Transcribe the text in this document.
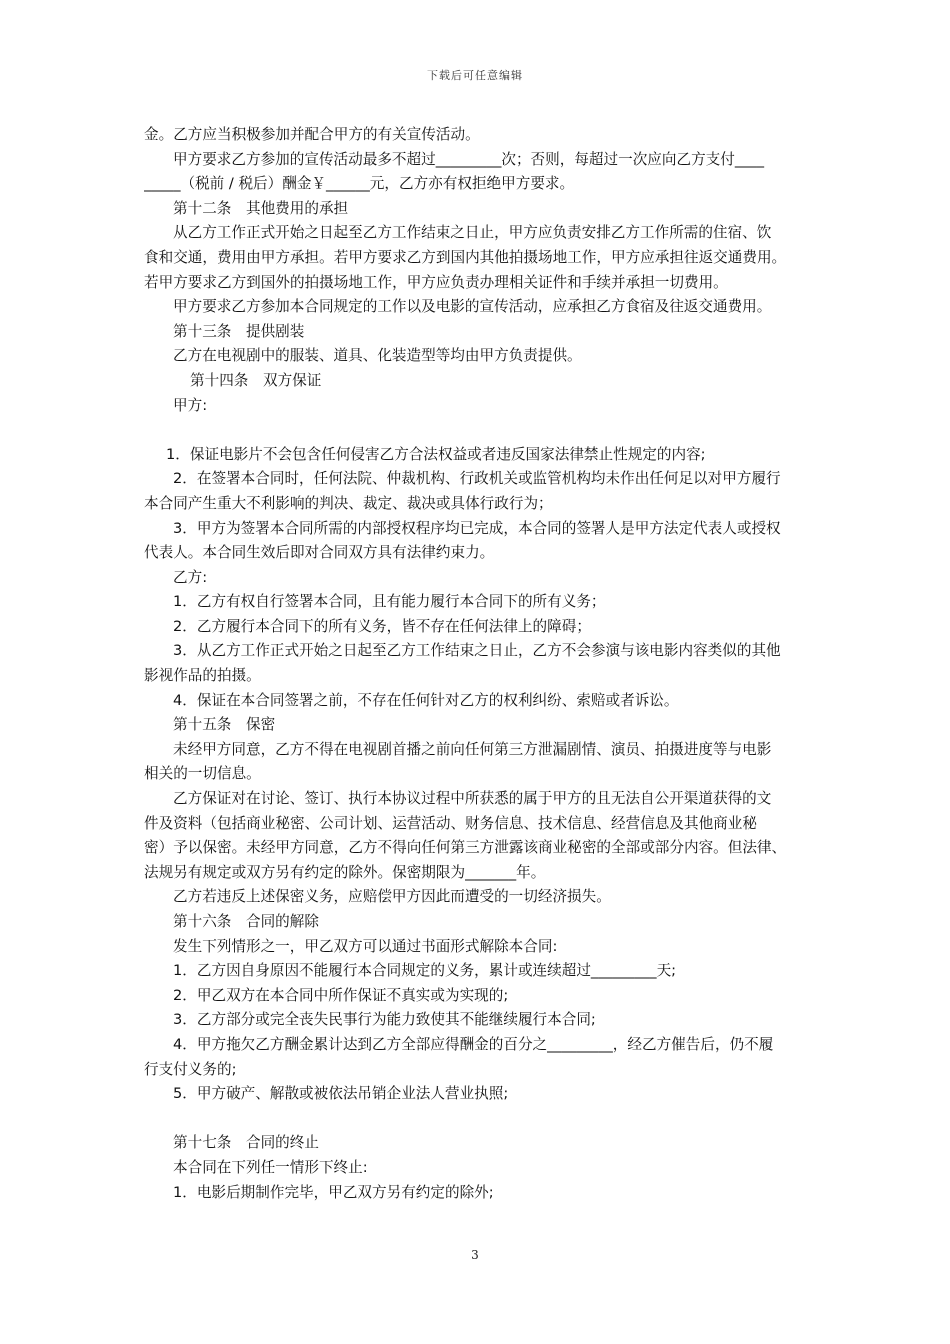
下载后可任意编辑
金。乙方应当积极参加并配合甲方的有关宣传活动。
甲方要求乙方参加的宣传活动最多不超过_________次；否则，每超过一次应向乙方支付____
_____（税前 / 税后）酬金￥______元，乙方亦有权拒绝甲方要求。
第十二条　其他费用的承担
从乙方工作正式开始之日起至乙方工作结束之日止，甲方应负责安排乙方工作所需的住宿、饮
食和交通，费用由甲方承担。若甲方要求乙方到国内其他拍摄场地工作，甲方应承担往返交通费用。
若甲方要求乙方到国外的拍摄场地工作，甲方应负责办理相关证件和手续并承担一切费用。
甲方要求乙方参加本合同规定的工作以及电影的宣传活动，应承担乙方食宿及往返交通费用。
第十三条　提供剧装
乙方在电视剧中的服装、道具、化装造型等均由甲方负责提供。
第十四条　双方保证
甲方:
1．保证电影片不会包含任何侵害乙方合法权益或者违反国家法律禁止性规定的内容;
2．在签署本合同时，任何法院、仲裁机构、行政机关或监管机构均未作出任何足以对甲方履行
本合同产生重大不利影响的判决、裁定、裁决或具体行政行为；
3．甲方为签署本合同所需的内部授权程序均已完成，本合同的签署人是甲方法定代表人或授权
代表人。本合同生效后即对合同双方具有法律约束力。
乙方:
1．乙方有权自行签署本合同，且有能力履行本合同下的所有义务；
2．乙方履行本合同下的所有义务，皆不存在任何法律上的障碍；
3．从乙方工作正式开始之日起至乙方工作结束之日止，乙方不会参演与该电影内容类似的其他
影视作品的拍摄。
4．保证在本合同签署之前，不存在任何针对乙方的权利纠纷、索赔或者诉讼。
第十五条　保密
未经甲方同意，乙方不得在电视剧首播之前向任何第三方泄漏剧情、演员、拍摄进度等与电影
相关的一切信息。
乙方保证对在讨论、签订、执行本协议过程中所获悉的属于甲方的且无法自公开渠道获得的文
件及资料（包括商业秘密、公司计划、运营活动、财务信息、技术信息、经营信息及其他商业秘
密）予以保密。未经甲方同意，乙方不得向任何第三方泄露该商业秘密的全部或部分内容。但法律、
法规另有规定或双方另有约定的除外。保密期限为_______年。
乙方若违反上述保密义务，应赔偿甲方因此而遭受的一切经济损失。
第十六条　合同的解除
发生下列情形之一，甲乙双方可以通过书面形式解除本合同:
1．乙方因自身原因不能履行本合同规定的义务，累计或连续超过_________天;
2．甲乙双方在本合同中所作保证不真实或为实现的;
3．乙方部分或完全丧失民事行为能力致使其不能继续履行本合同;
4．甲方拖欠乙方酬金累计达到乙方全部应得酬金的百分之_________，经乙方催告后，仍不履
行支付义务的;
5．甲方破产、解散或被依法吊销企业法人营业执照;
第十七条　合同的终止
本合同在下列任一情形下终止:
1．电影后期制作完毕，甲乙双方另有约定的除外;
3
